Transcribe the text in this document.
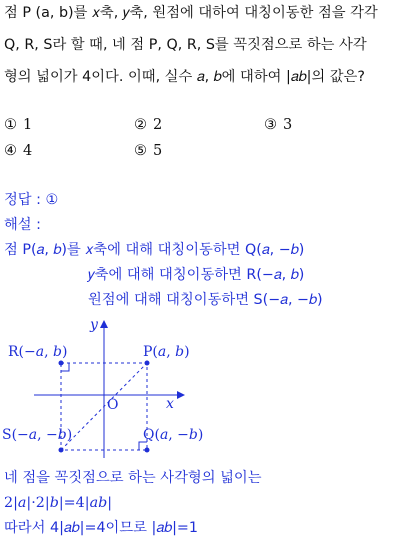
점 P (a, b)를 𝑥축, 𝑦축, 원점에 대하여 대칭이동한 점을 각각
Q, R, S라 할 때, 네 점 P, Q, R, S를 꼭짓점으로 하는 사각
형의 넓이가 4이다. 이때, 실수 𝑎, 𝑏에 대하여 |𝑎𝑏|의 값은?
① 1	② 2	③ 3
④ 4	⑤ 5
정답 : ①
해설 :
점 P(𝑎, 𝑏)를 𝑥축에 대해 대칭이동하면 Q(𝑎, −𝑏)
𝑦축에 대해 대칭이동하면 R(−𝑎, 𝑏)
원점에 대해 대칭이동하면 S(−𝑎, −𝑏)
𝑦
𝑥
O
P(𝑎, 𝑏)
R(−𝑎, 𝑏)
S(−𝑎, −𝑏)	Q(𝑎, −𝑏)
네 점을 꼭짓점으로 하는 사각형의 넓이는
2|𝑎|·2|𝑏|=4|𝑎𝑏|
따라서 4|𝑎𝑏|=4이므로 |𝑎𝑏|=1
